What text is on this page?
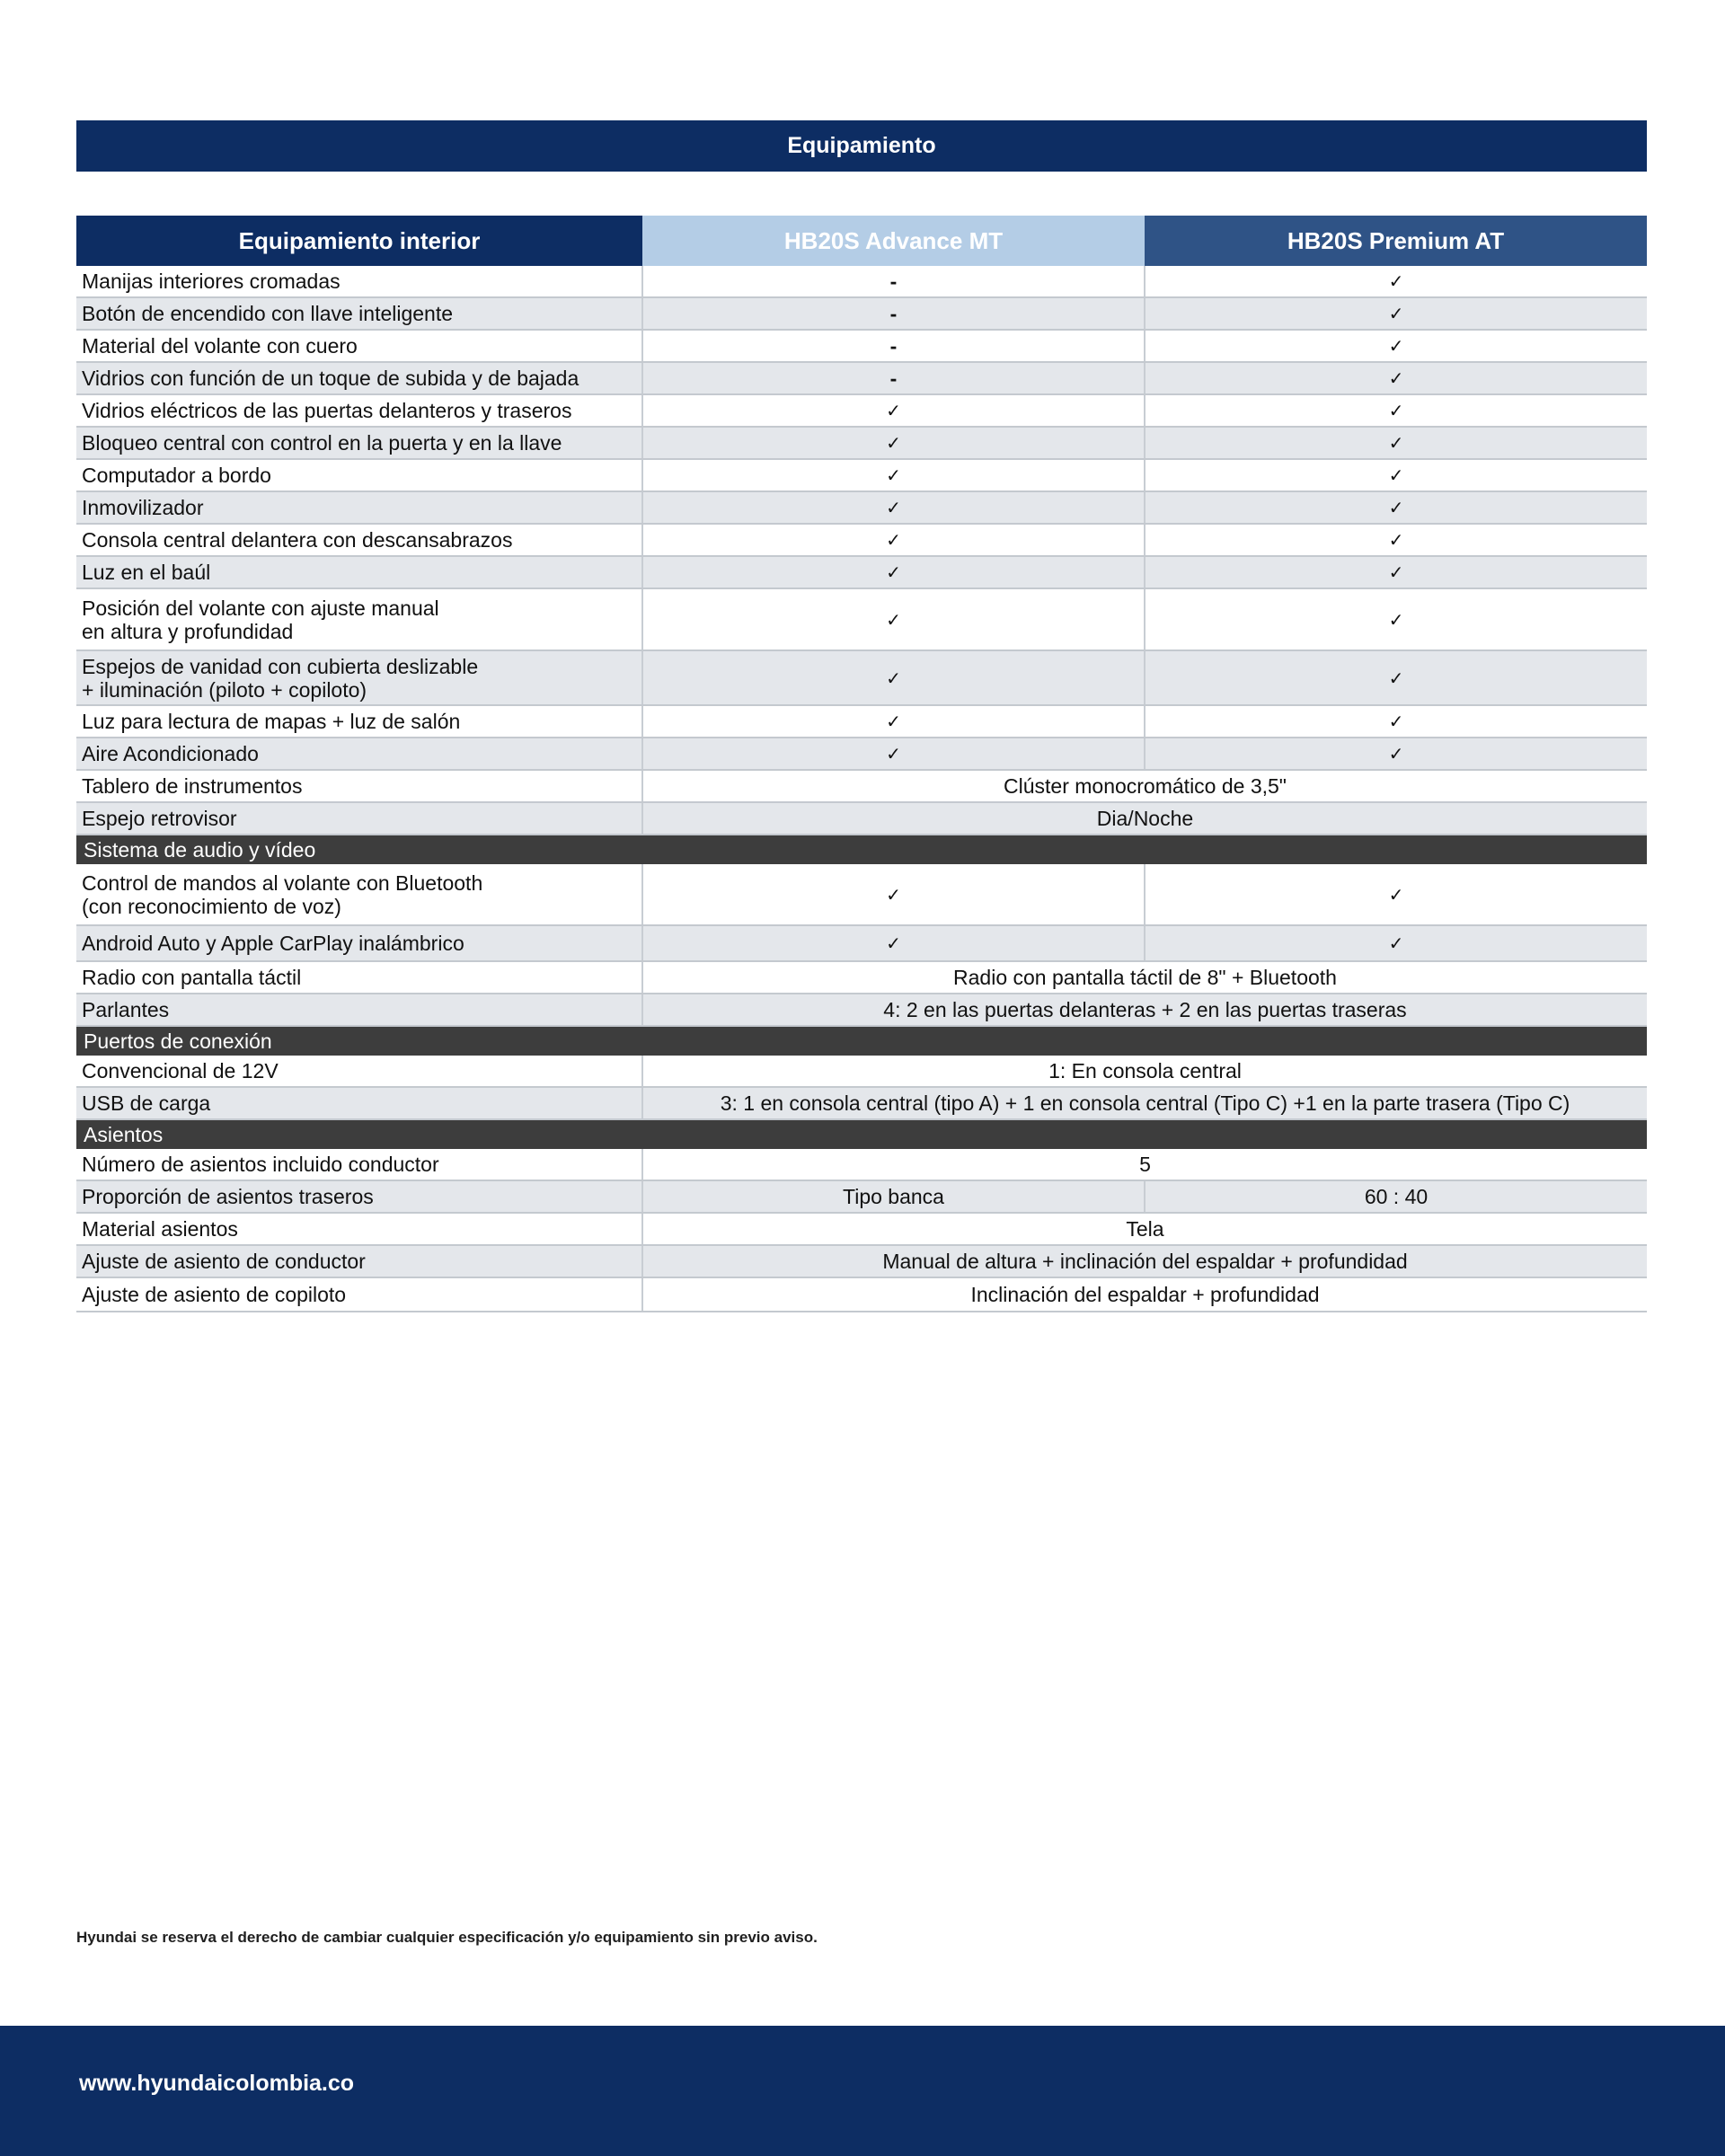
Equipamiento
Equipamiento interior	HB20S Advance MT	HB20S Premium AT
Manijas interiores cromadas	-	✓
Botón de encendido con llave inteligente	-	✓
Material del volante con cuero	-	✓
Vidrios con función de un toque de subida y de bajada	-	✓
Vidrios eléctricos de las puertas delanteros y traseros	✓	✓
Bloqueo central con control en la puerta y en la llave	✓	✓
Computador a bordo	✓	✓
Inmovilizador	✓	✓
Consola central delantera con descansabrazos	✓	✓
Luz en el baúl	✓	✓
Posición del volante con ajuste manual
en altura y profundidad	✓	✓
Espejos de vanidad con cubierta deslizable
+ iluminación (piloto + copiloto)	✓	✓
Luz para lectura de mapas + luz de salón	✓	✓
Aire Acondicionado	✓	✓
Tablero de instrumentos	Clúster monocromático de 3,5"	
Espejo retrovisor	Dia/Noche	
Sistema de audio y vídeo		
Control de mandos al volante con Bluetooth
(con reconocimiento de voz)	✓	✓
Android Auto y Apple CarPlay inalámbrico	✓	✓
Radio con pantalla táctil	Radio con pantalla táctil de 8" + Bluetooth	
Parlantes	4: 2 en las puertas delanteras + 2 en las puertas traseras	
Puertos de conexión		
Convencional de 12V	1: En consola central	
USB de carga	3: 1 en consola central (tipo A) + 1 en consola central (Tipo C) +1 en la parte trasera (Tipo C)	
Asientos		
Número de asientos incluido conductor	5	
Proporción de asientos traseros	Tipo banca	60 : 40
Material asientos	Tela	
Ajuste de asiento de conductor	Manual de altura + inclinación del espaldar + profundidad	
Ajuste de asiento de copiloto	Inclinación del espaldar + profundidad	
Hyundai se reserva el derecho de cambiar cualquier especificación y/o equipamiento sin previo aviso.
www.hyundaicolombia.co
